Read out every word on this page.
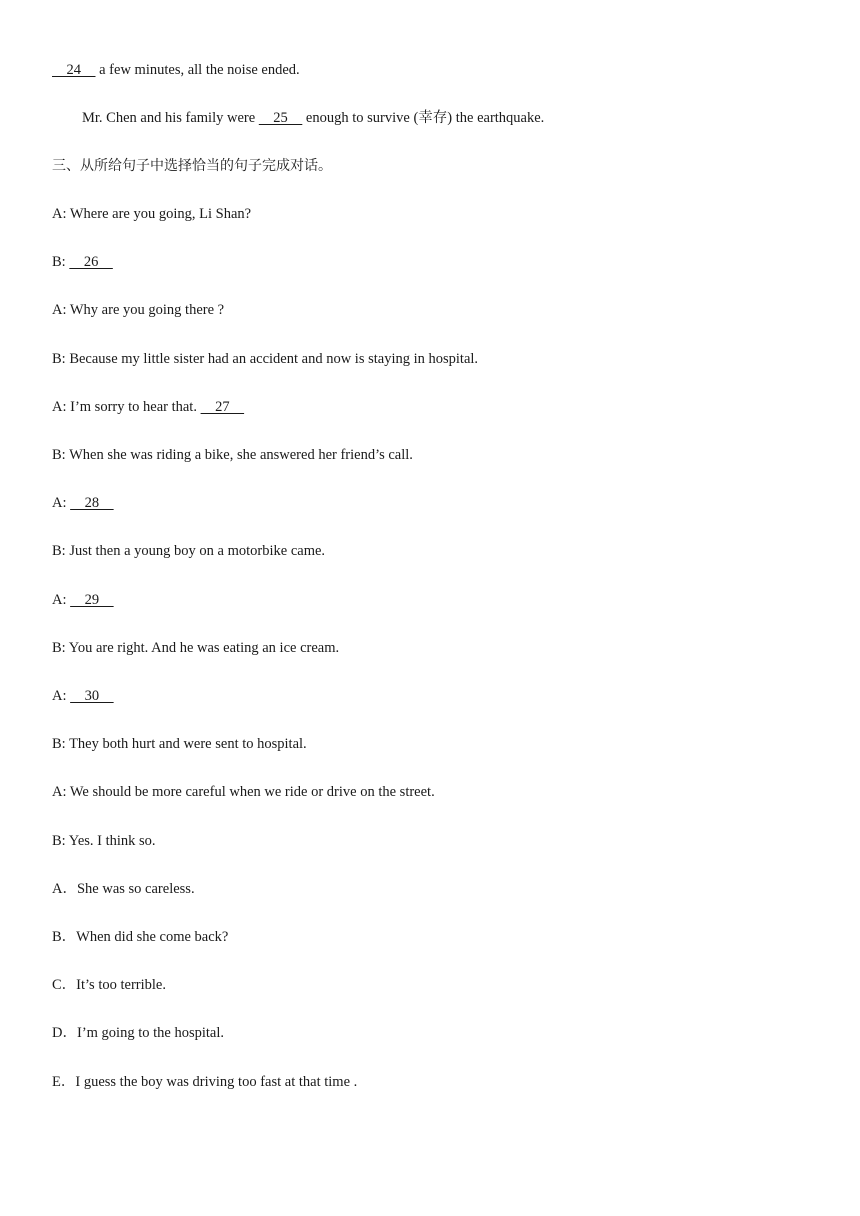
24     a few minutes, all the noise ended.
Mr. Chen and his family were     25     enough to survive (幸存) the earthquake.
三、从所给句子中选择恰当的句子完成对话。
A: Where are you going, Li Shan?
B:     26
A: Why are you going there ?
B: Because my little sister had an accident and now is staying in hospital.
A: I’m sorry to hear that.     27
B: When she was riding a bike, she answered her friend’s call.
A:     28
B: Just then a young boy on a motorbike came.
A:     29
B: You are right. And he was eating an ice cream.
A:     30
B: They both hurt and were sent to hospital.
A: We should be more careful when we ride or drive on the street.
B: Yes. I think so.
A．She was so careless.
B．When did she come back?
C．It’s too terrible.
D．I’m going to the hospital.
E．I guess the boy was driving too fast at that time .
